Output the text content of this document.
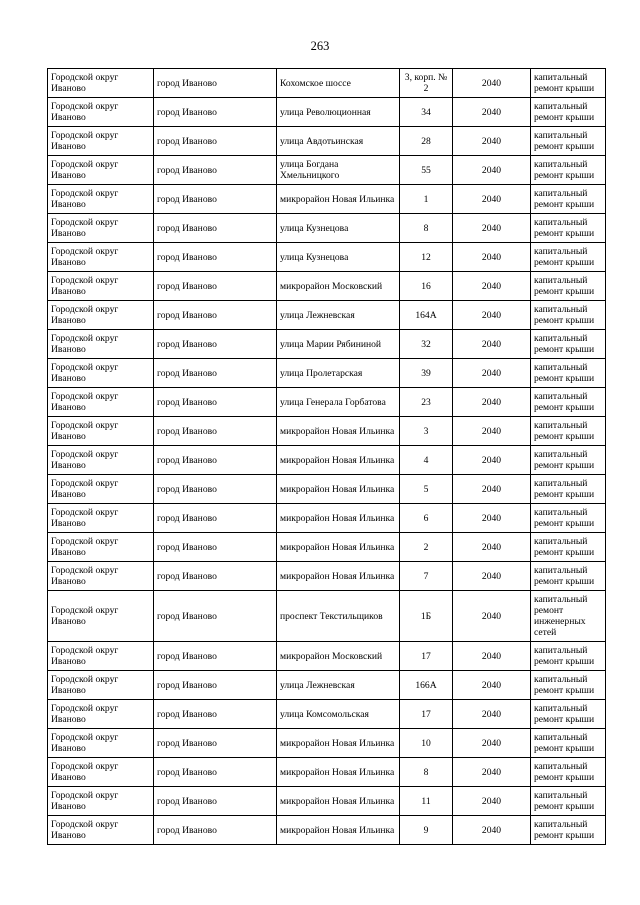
263
Городской округ Иваново	город Иваново	Кохомское шоссе	3, корп. № 2	2040	капитальный ремонт крыши
Городской округ Иваново	город Иваново	улица Революционная	34	2040	капитальный ремонт крыши
Городской округ Иваново	город Иваново	улица Авдотьинская	28	2040	капитальный ремонт крыши
Городской округ Иваново	город Иваново	улица Богдана Хмельницкого	55	2040	капитальный ремонт крыши
Городской округ Иваново	город Иваново	микрорайон Новая Ильинка	1	2040	капитальный ремонт крыши
Городской округ Иваново	город Иваново	улица Кузнецова	8	2040	капитальный ремонт крыши
Городской округ Иваново	город Иваново	улица Кузнецова	12	2040	капитальный ремонт крыши
Городской округ Иваново	город Иваново	микрорайон Московский	16	2040	капитальный ремонт крыши
Городской округ Иваново	город Иваново	улица Лежневская	164А	2040	капитальный ремонт крыши
Городской округ Иваново	город Иваново	улица Марии Рябининой	32	2040	капитальный ремонт крыши
Городской округ Иваново	город Иваново	улица Пролетарская	39	2040	капитальный ремонт крыши
Городской округ Иваново	город Иваново	улица Генерала Горбатова	23	2040	капитальный ремонт крыши
Городской округ Иваново	город Иваново	микрорайон Новая Ильинка	3	2040	капитальный ремонт крыши
Городской округ Иваново	город Иваново	микрорайон Новая Ильинка	4	2040	капитальный ремонт крыши
Городской округ Иваново	город Иваново	микрорайон Новая Ильинка	5	2040	капитальный ремонт крыши
Городской округ Иваново	город Иваново	микрорайон Новая Ильинка	6	2040	капитальный ремонт крыши
Городской округ Иваново	город Иваново	микрорайон Новая Ильинка	2	2040	капитальный ремонт крыши
Городской округ Иваново	город Иваново	микрорайон Новая Ильинка	7	2040	капитальный ремонт крыши
Городской округ Иваново	город Иваново	проспект Текстильщиков	1Б	2040	капитальный ремонт инженерных сетей
Городской округ Иваново	город Иваново	микрорайон Московский	17	2040	капитальный ремонт крыши
Городской округ Иваново	город Иваново	улица Лежневская	166А	2040	капитальный ремонт крыши
Городской округ Иваново	город Иваново	улица Комсомольская	17	2040	капитальный ремонт крыши
Городской округ Иваново	город Иваново	микрорайон Новая Ильинка	10	2040	капитальный ремонт крыши
Городской округ Иваново	город Иваново	микрорайон Новая Ильинка	8	2040	капитальный ремонт крыши
Городской округ Иваново	город Иваново	микрорайон Новая Ильинка	11	2040	капитальный ремонт крыши
Городской округ Иваново	город Иваново	микрорайон Новая Ильинка	9	2040	капитальный ремонт крыши
